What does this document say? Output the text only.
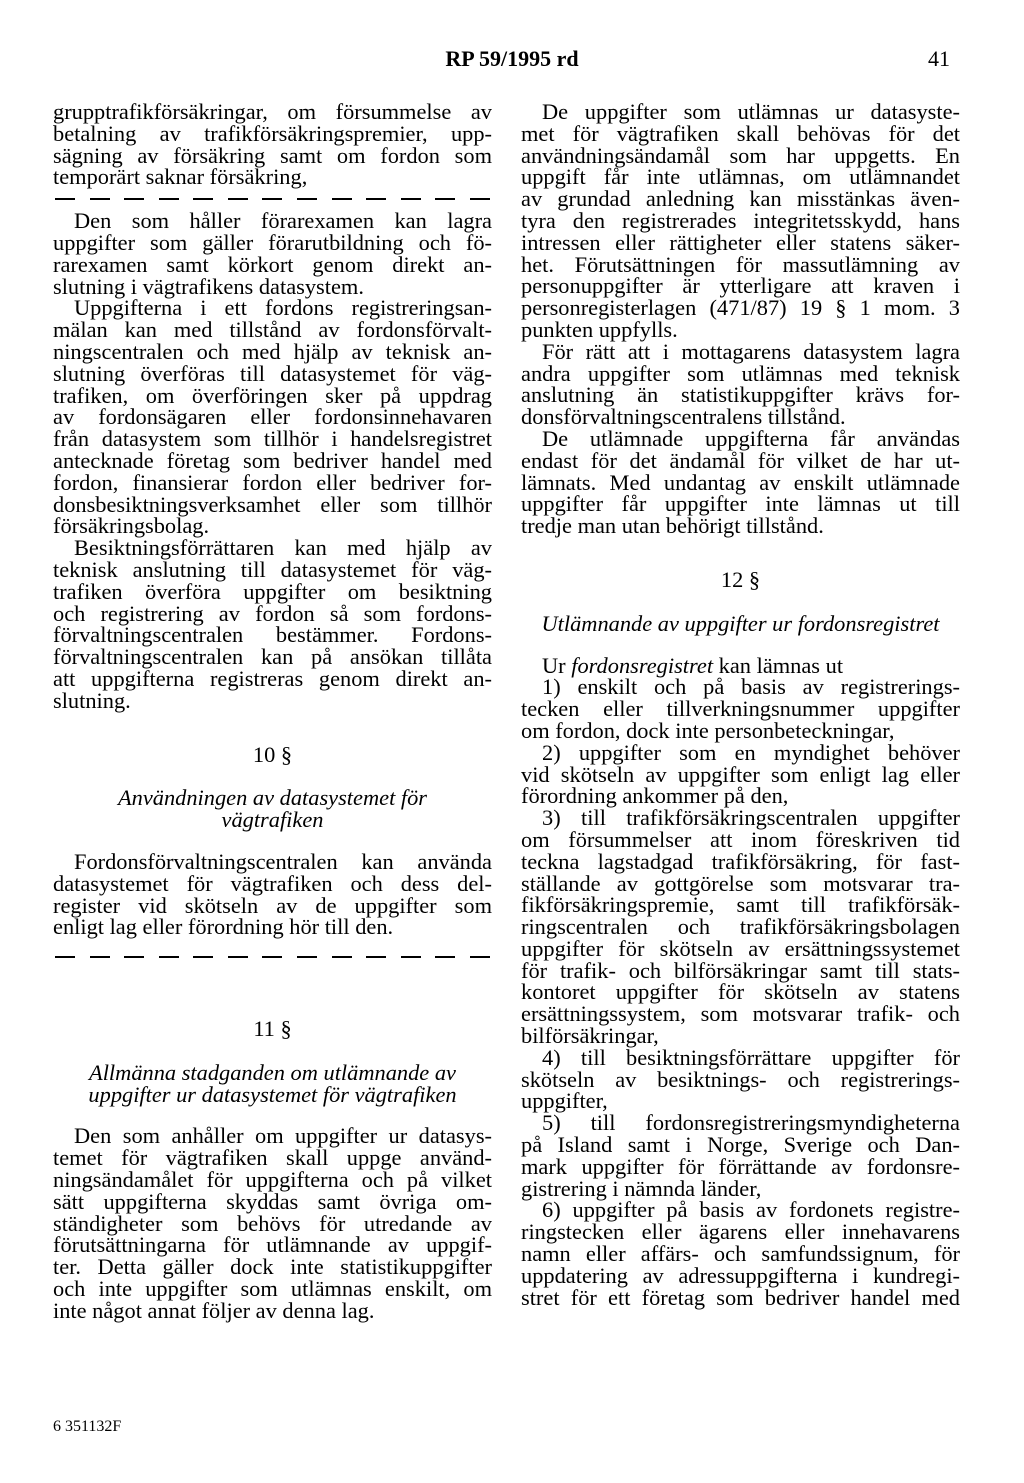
RP 59/1995 rd	41
grupptrafikförsäkringar, om försummelse av
betalning av trafikförsäkringspremier, upp-
sägning av försäkring samt om fordon som
temporärt saknar försäkring,
Den som håller förarexamen kan lagra
uppgifter som gäller förarutbildning och fö-
rarexamen samt körkort genom direkt an-
slutning i vägtrafikens datasystem.
Uppgifterna i ett fordons registreringsan-
mälan kan med tillstånd av fordonsförvalt-
ningscentralen och med hjälp av teknisk an-
slutning överföras till datasystemet för väg-
trafiken, om överföringen sker på uppdrag
av fordonsägaren eller fordonsinnehavaren
från datasystem som tillhör i handelsregistret
antecknade företag som bedriver handel med
fordon, finansierar fordon eller bedriver for-
donsbesiktningsverksamhet eller som tillhör
försäkringsbolag.
Besiktningsförrättaren kan med hjälp av
teknisk anslutning till datasystemet för väg-
trafiken överföra uppgifter om besiktning
och registrering av fordon så som fordons-
förvaltningscentralen bestämmer. Fordons-
förvaltningscentralen kan på ansökan tillåta
att uppgifterna registreras genom direkt an-
slutning.
10 §
Användningen av datasystemet för
vägtrafiken
Fordonsförvaltningscentralen kan använda
datasystemet för vägtrafiken och dess del-
register vid skötseln av de uppgifter som
enligt lag eller förordning hör till den.
11 §
Allmänna stadganden om utlämnande av
uppgifter ur datasystemet för vägtrafiken
Den som anhåller om uppgifter ur datasys-
temet för vägtrafiken skall uppge använd-
ningsändamålet för uppgifterna och på vilket
sätt uppgifterna skyddas samt övriga om-
ständigheter som behövs för utredande av
förutsättningarna för utlämnande av uppgif-
ter. Detta gäller dock inte statistikuppgifter
och inte uppgifter som utlämnas enskilt, om
inte något annat följer av denna lag.
De uppgifter som utlämnas ur datasyste-
met för vägtrafiken skall behövas för det
användningsändamål som har uppgetts. En
uppgift får inte utlämnas, om utlämnandet
av grundad anledning kan misstänkas även-
tyra den registrerades integritetsskydd, hans
intressen eller rättigheter eller statens säker-
het. Förutsättningen för massutlämning av
personuppgifter är ytterligare att kraven i
personregisterlagen (471/87) 19 § 1 mom. 3
punkten uppfylls.
För rätt att i mottagarens datasystem lagra
andra uppgifter som utlämnas med teknisk
anslutning än statistikuppgifter krävs for-
donsförvaltningscentralens tillstånd.
De utlämnade uppgifterna får användas
endast för det ändamål för vilket de har ut-
lämnats. Med undantag av enskilt utlämnade
uppgifter får uppgifter inte lämnas ut till
tredje man utan behörigt tillstånd.
12 §
Utlämnande av uppgifter ur fordonsregistret
Ur fordonsregistret kan lämnas ut
1) enskilt och på basis av registrerings-
tecken eller tillverkningsnummer uppgifter
om fordon, dock inte personbeteckningar,
2) uppgifter som en myndighet behöver
vid skötseln av uppgifter som enligt lag eller
förordning ankommer på den,
3) till trafikförsäkringscentralen uppgifter
om försummelser att inom föreskriven tid
teckna lagstadgad trafikförsäkring, för fast-
ställande av gottgörelse som motsvarar tra-
fikförsäkringspremie, samt till trafikförsäk-
ringscentralen och trafikförsäkringsbolagen
uppgifter för skötseln av ersättningssystemet
för trafik- och bilförsäkringar samt till stats-
kontoret uppgifter för skötseln av statens
ersättningssystem, som motsvarar trafik- och
bilförsäkringar,
4) till besiktningsförrättare uppgifter för
skötseln av besiktnings- och registrerings-
uppgifter,
5) till fordonsregistreringsmyndigheterna
på Island samt i Norge, Sverige och Dan-
mark uppgifter för förrättande av fordonsre-
gistrering i nämnda länder,
6) uppgifter på basis av fordonets registre-
ringstecken eller ägarens eller innehavarens
namn eller affärs- och samfundssignum, för
uppdatering av adressuppgifterna i kundregi-
stret för ett företag som bedriver handel med
6 351132F
